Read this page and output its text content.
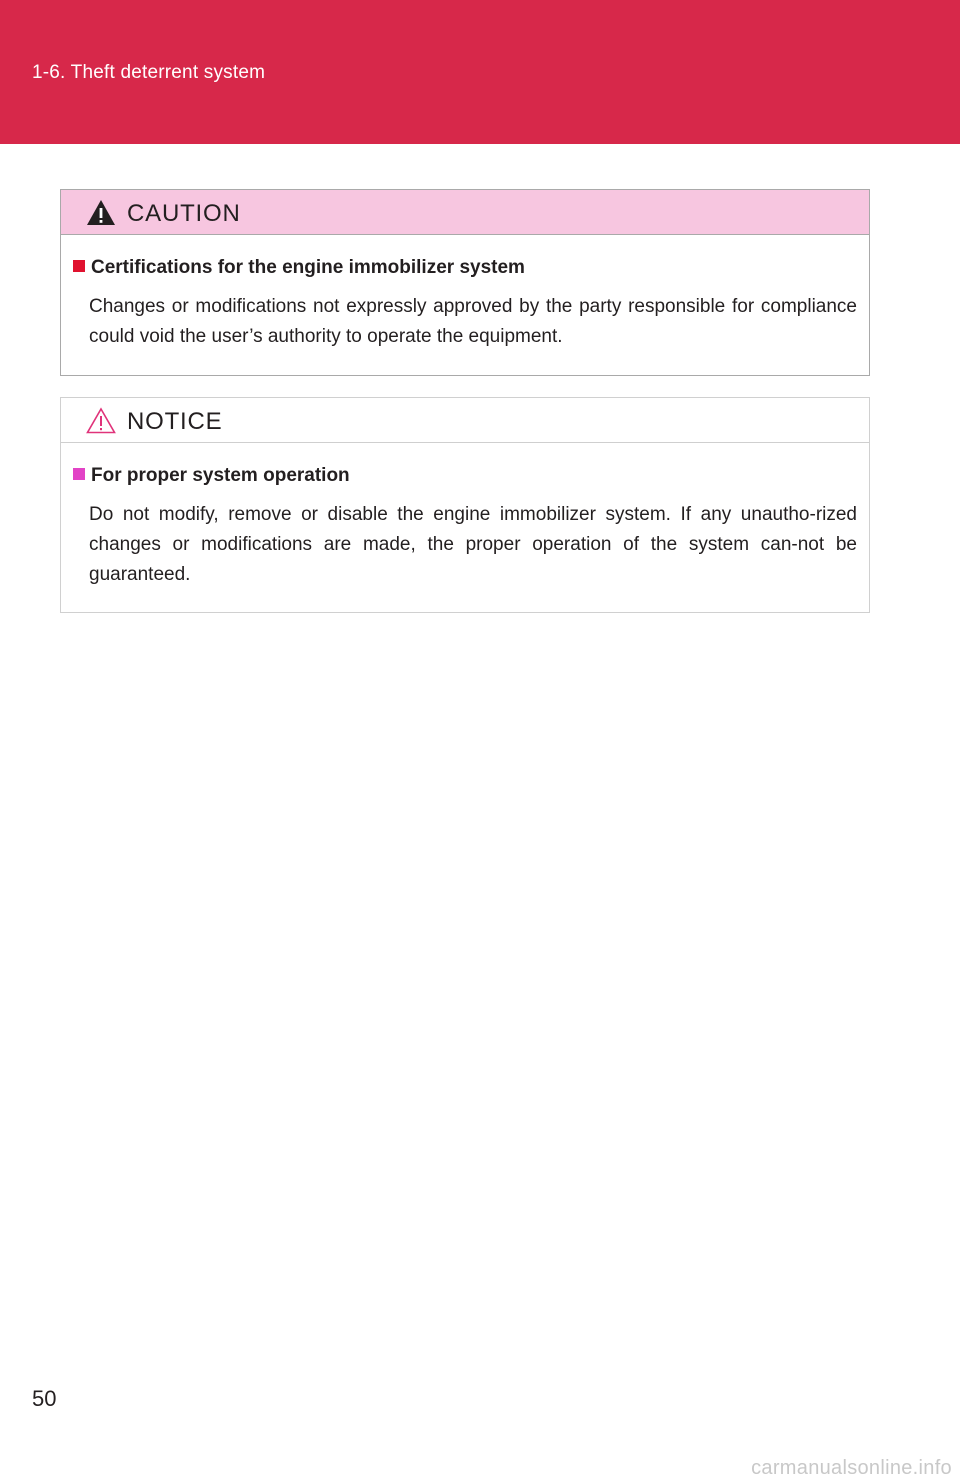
1-6. Theft deterrent system
CAUTION
Certifications for the engine immobilizer system
Changes or modifications not expressly approved by the party responsible for compliance could void the user’s authority to operate the equipment.
NOTICE
For proper system operation
Do not modify, remove or disable the engine immobilizer system. If any unautho-rized changes or modifications are made, the proper operation of the system can-not be guaranteed.
50
carmanualsonline.info
